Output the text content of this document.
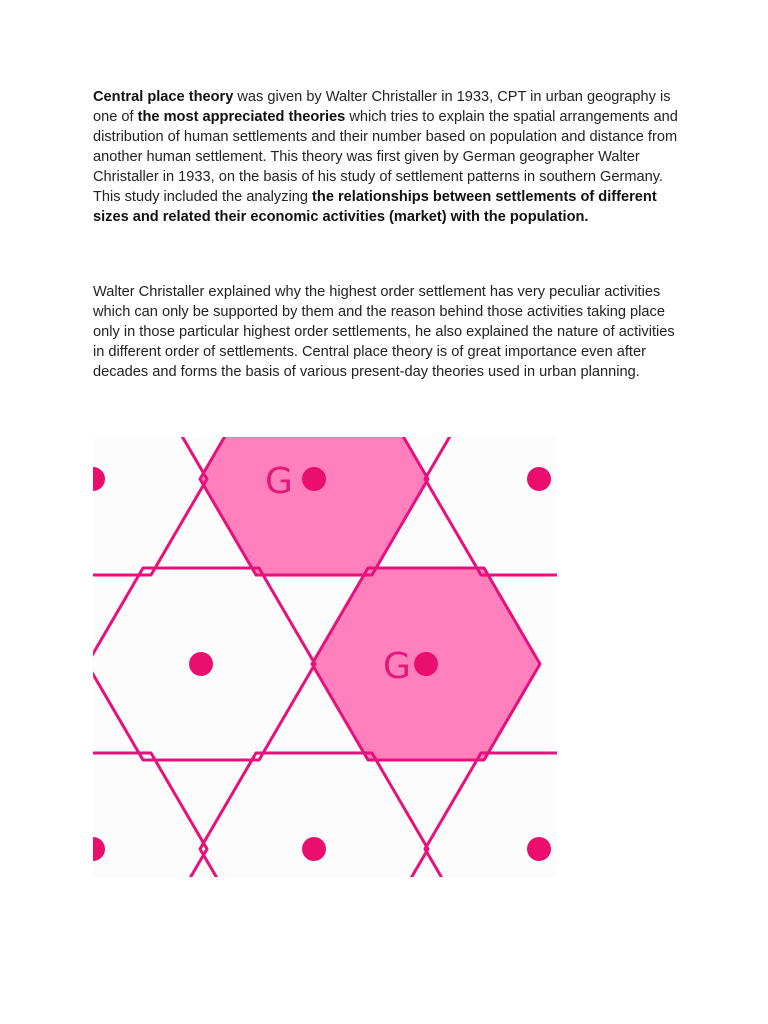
Central place theory was given by Walter Christaller in 1933, CPT in urban geography is one of the most appreciated theories which tries to explain the spatial arrangements and distribution of human settlements and their number based on population and distance from another human settlement. This theory was first given by German geographer Walter Christaller in 1933, on the basis of his study of settlement patterns in southern Germany. This study included the analyzing the relationships between settlements of different sizes and related their economic activities (market) with the population.

Walter Christaller explained why the highest order settlement has very peculiar activities which can only be supported by them and the reason behind those activities taking place only in those particular highest order settlements, he also explained the nature of activities in different order of settlements. Central place theory is of great importance even after decades and forms the basis of various present-day theories used in urban planning.

G
G
